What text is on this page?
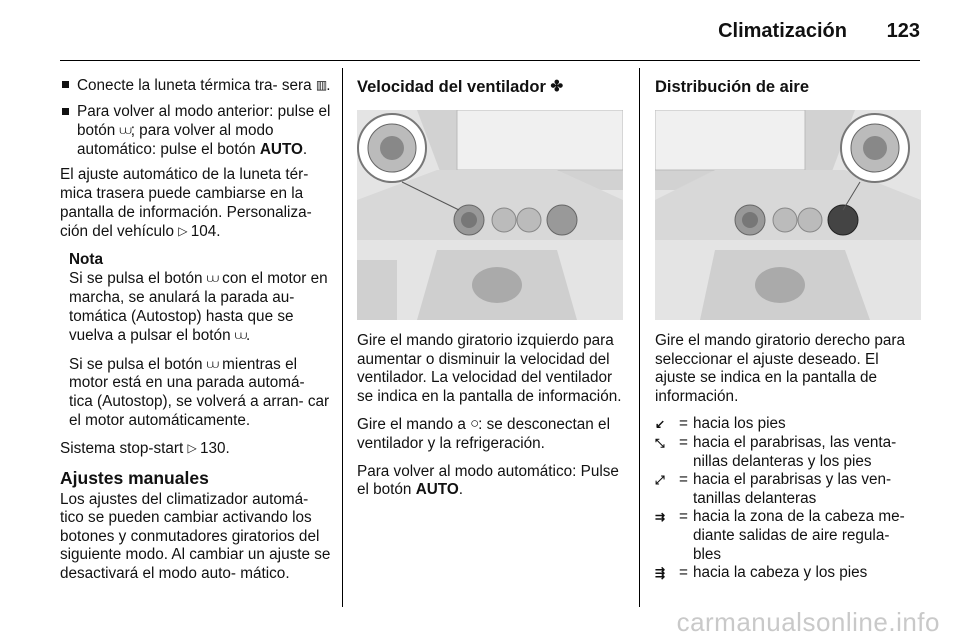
Climatización 123
Conecte la luneta térmica tra- sera ▥.
Para volver al modo anterior: pulse el botón ⩊; para volver al modo automático: pulse el botón AUTO.

El ajuste automático de la luneta tér- mica trasera puede cambiarse en la pantalla de información. Personaliza- ción del vehículo ▷ 104.

Nota

Si se pulsa el botón ⩊ con el motor en marcha, se anulará la parada au- tomática (Autostop) hasta que se vuelva a pulsar el botón ⩊.

Si se pulsa el botón ⩊ mientras el motor está en una parada automá- tica (Autostop), se volverá a arran- car el motor automáticamente.

Sistema stop-start ▷ 130.

Ajustes manuales

Los ajustes del climatizador automá- tico se pueden cambiar activando los botones y conmutadores giratorios del siguiente modo. Al cambiar un ajuste se desactivará el modo auto- mático.

Velocidad del ventilador ✤

Gire el mando giratorio izquierdo para aumentar o disminuir la velocidad del ventilador. La velocidad del ventilador se indica en la pantalla de información.

Gire el mando a ○: se desconectan el ventilador y la refrigeración.

Para volver al modo automático: Pulse el botón AUTO.

Distribución de aire

Gire el mando giratorio derecho para seleccionar el ajuste deseado. El ajuste se indica en la pantalla de información.

↙ = hacia los pies
⤡ = hacia el parabrisas, las venta- nillas delanteras y los pies
⤢ = hacia el parabrisas y las ven- tanillas delanteras
⇉ = hacia la zona de la cabeza me- diante salidas de aire regula- bles
⇶ = hacia la cabeza y los pies
carmanualsonline.info
